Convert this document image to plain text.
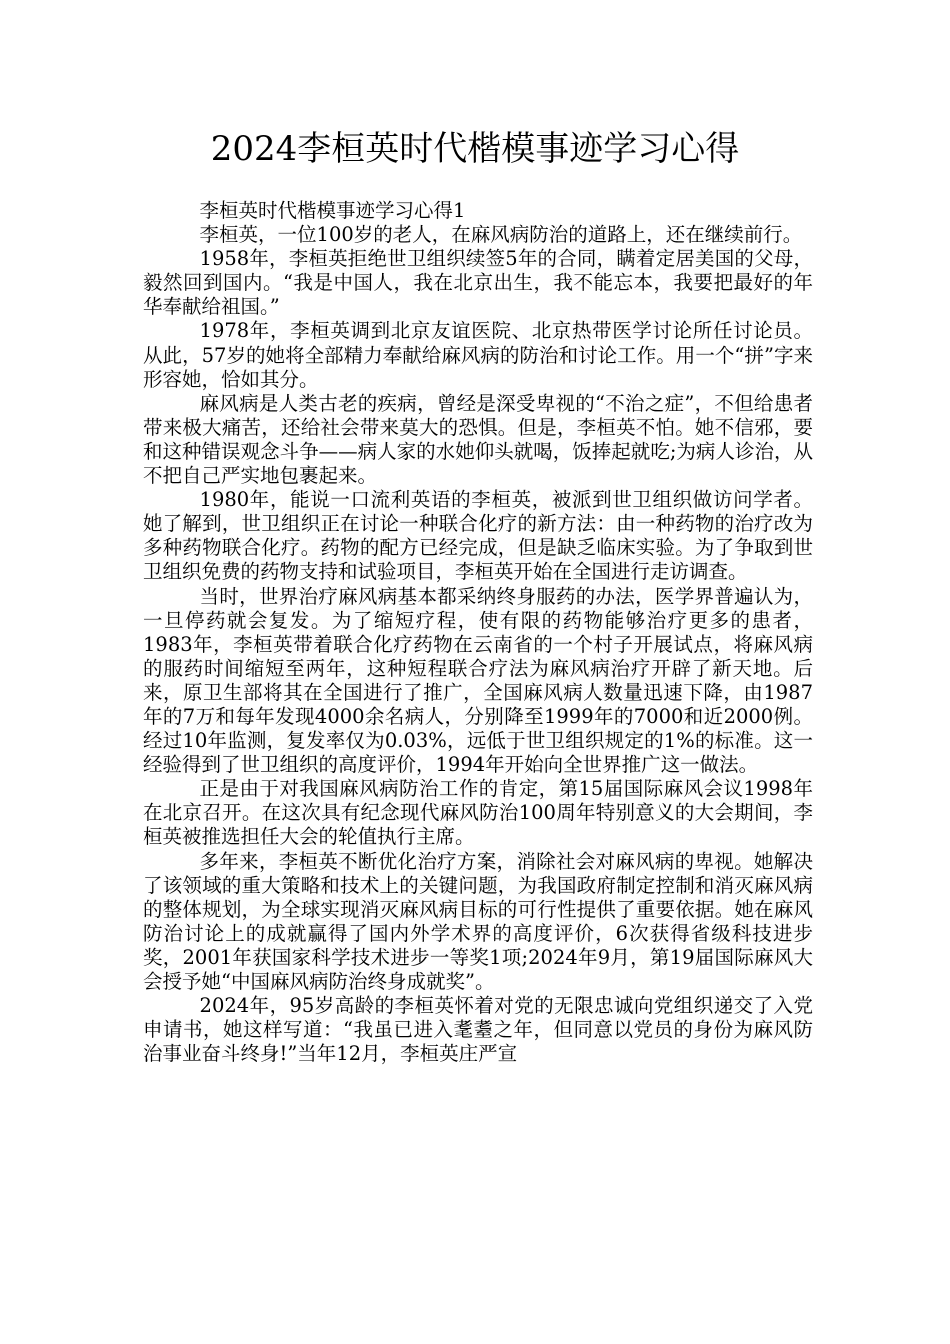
2024李桓英时代楷模事迹学习心得

李桓英时代楷模事迹学习心得1

李桓英，一位100岁的老人，在麻风病防治的道路上，还在继续前行。

1958年，李桓英拒绝世卫组织续签5年的合同，瞒着定居美国的父母，毅然回到国内。“我是中国人，我在北京出生，我不能忘本，我要把最好的年华奉献给祖国。”

1978年，李桓英调到北京友谊医院、北京热带医学讨论所任讨论员。从此，57岁的她将全部精力奉献给麻风病的防治和讨论工作。用一个“拼”字来形容她，恰如其分。

麻风病是人类古老的疾病，曾经是深受卑视的“不治之症”，不但给患者带来极大痛苦，还给社会带来莫大的恐惧。但是，李桓英不怕。她不信邪，要和这种错误观念斗争——病人家的水她仰头就喝，饭捧起就吃;为病人诊治，从不把自己严实地包裹起来。

1980年，能说一口流利英语的李桓英，被派到世卫组织做访问学者。她了解到，世卫组织正在讨论一种联合化疗的新方法：由一种药物的治疗改为多种药物联合化疗。药物的配方已经完成，但是缺乏临床实验。为了争取到世卫组织免费的药物支持和试验项目，李桓英开始在全国进行走访调查。

当时，世界治疗麻风病基本都采纳终身服药的办法，医学界普遍认为，一旦停药就会复发。为了缩短疗程，使有限的药物能够治疗更多的患者，1983年，李桓英带着联合化疗药物在云南省的一个村子开展试点，将麻风病的服药时间缩短至两年，这种短程联合疗法为麻风病治疗开辟了新天地。后来，原卫生部将其在全国进行了推广，全国麻风病人数量迅速下降，由1987年的7万和每年发现4000余名病人，分别降至1999年的7000和近2000例。经过10年监测，复发率仅为0.03%，远低于世卫组织规定的1%的标准。这一经验得到了世卫组织的高度评价，1994年开始向全世界推广这一做法。

正是由于对我国麻风病防治工作的肯定，第15届国际麻风会议1998年在北京召开。在这次具有纪念现代麻风防治100周年特别意义的大会期间，李桓英被推选担任大会的轮值执行主席。

多年来，李桓英不断优化治疗方案，消除社会对麻风病的卑视。她解决了该领域的重大策略和技术上的关键问题，为我国政府制定控制和消灭麻风病的整体规划，为全球实现消灭麻风病目标的可行性提供了重要依据。她在麻风防治讨论上的成就赢得了国内外学术界的高度评价，6次获得省级科技进步奖，2001年获国家科学技术进步一等奖1项;2024年9月，第19届国际麻风大会授予她“中国麻风病防治终身成就奖”。

2024年，95岁高龄的李桓英怀着对党的无限忠诚向党组织递交了入党申请书，她这样写道：“我虽已进入耄耋之年，但同意以党员的身份为麻风防治事业奋斗终身!”当年12月，李桓英庄严宣
